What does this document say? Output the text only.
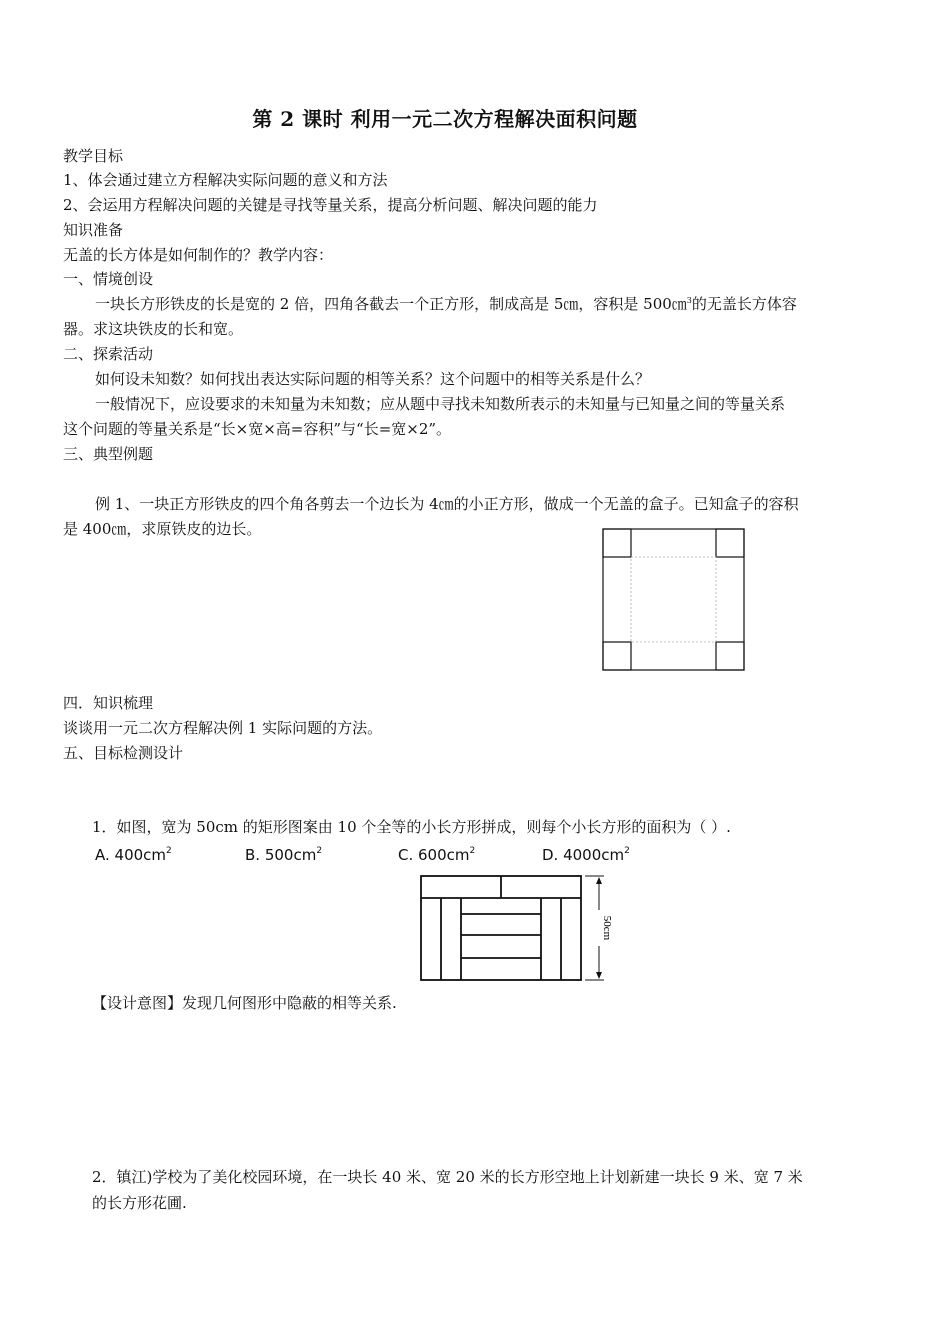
第 2 课时 利用一元二次方程解决面积问题
教学目标
1、体会通过建立方程解决实际问题的意义和方法
2、会运用方程解决问题的关键是寻找等量关系，提高分析问题、解决问题的能力
知识准备
无盖的长方体是如何制作的？教学内容：
一、情境创设
一块长方形铁皮的长是宽的 2 倍，四角各截去一个正方形，制成高是 5㎝，容积是 500㎝$^3$的无盖长方体容
器。求这块铁皮的长和宽。
二、探索活动
如何设未知数？如何找出表达实际问题的相等关系？这个问题中的相等关系是什么？
一般情况下，应设要求的未知量为未知数；应从题中寻找未知数所表示的未知量与已知量之间的等量关系
这个问题的等量关系是“长×宽×高=容积”与“长=宽×2”。
三、典型例题
例 1、一块正方形铁皮的四个角各剪去一个边长为 4㎝的小正方形，做成一个无盖的盒子。已知盒子的容积
是 400㎝，求原铁皮的边长。
四．知识梳理
谈谈用一元二次方程解决例 1 实际问题的方法。
五、目标检测设计
1．如图，宽为 50cm 的矩形图案由 10 个全等的小长方形拼成，则每个小长方形的面积为（ ）.
A. $400cm^2$	B. $500cm^2$	C. $600cm^2$	D. $4000cm^2$
50cm
【设计意图】发现几何图形中隐蔽的相等关系.
2．镇江)学校为了美化校园环境，在一块长 40 米、宽 20 米的长方形空地上计划新建一块长 9 米、宽 7 米
的长方形花圃.
